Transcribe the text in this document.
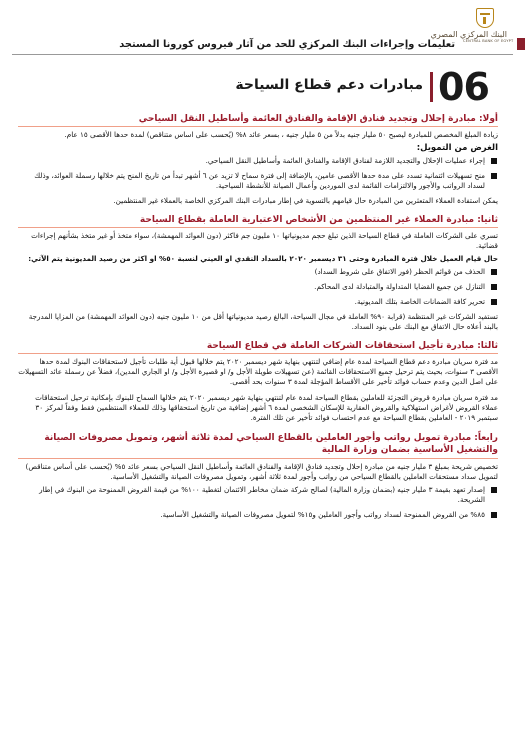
البنك المركزي المصري
CENTRAL BANK OF EGYPT
تعليمات وإجراءات البنك المركزي للحد من آثار فيروس كورونا المستجد
06
مبادرات دعم قطاع السياحة
أولا: مبادرة إحلال وتجديد فنادق الإقامة والفنادق العائمة وأساطيل النقل السياحي
زيادة المبلغ المخصص للمبادرة ليصبح ٥٠ مليار جنيه بدلاً من ٥ مليار جنيه ، بسعر عائد ٨% (يُحسب على اساس متناقص) لمدة حدها الأقصى ١٥ عام.
الغرض من التمويل:
إجراء عمليات الإحلال والتجديد اللازمة لفنادق الإقامة والفنادق العائمة وأساطيل النقل السياحي.
منح تسهيلات ائتمانية تسدد على مدة حدها الأقصى عامين، بالإضافة إلى فترة سماح لا تزيد عن ٦ أشهر تبدأ من تاريخ المنح يتم خلالها رسملة العوائد، وذلك لسداد الرواتب والأجور والالتزامات القائمة لدى الموردين وأعمال الصيانة للأنشطة السياحية.
يمكن استفادة العملاء المتعثرين من المبادرة حال قيامهم بالتسوية في إطار مبادرات البنك المركزي الخاصة بالعملاء غير المنتظمين.
ثانيا: مبادرة العملاء غير المنتظمين من الأشخاص الاعتبارية العاملة بقطاع السياحة
تسري على الشركات العاملة في قطاع السياحة الذين تبلغ حجم مديونياتها ١٠ مليون جم فاكثر (دون العوائد المهمشة)، سواء متخذ أو غير متخذ بشأنهم إجراءات قضائية.
حال قيام العميل خلال فترة المبادرة وحتى ٣١ ديسمبر ٢٠٢٠ بالسداد النقدي او العيني لنسبة ٥٠% او اكثر من رصيد المديونية يتم الآتي:
الحذف من قوائم الحظر (فور الاتفاق على شروط السداد)
التنازل عن جميع القضايا المتداولة والمتبادلة لدى المحاكم.
تحرير كافة الضمانات الخاصة بتلك المديونية.
تستفيد الشركات غير المنتظمة (قرابة ٩٠% العاملة في مجال السياحة، البالغ رصيد مديونياتها أقل من ١٠ مليون جنيه (دون العوائد المهمشة) من المزايا المدرجة بالبند أعلاه حال الاتفاق مع البنك على بنود السداد.
ثالثا: مبادرة تأجيل استحقاقات الشركات العاملة في قطاع السياحة
مد فترة سريان مبادرة دعم قطاع السياحة لمدة عام إضافي لتنتهي بنهاية شهر ديسمبر ٢٠٢٠ يتم خلالها قبول أية طلبات تأجيل لاستحقاقات البنوك لمدة حدها الأقصى ٣ سنوات، بحيث يتم ترحيل جميع الاستحقاقات القائمة (عن تسهيلات طويلة الأجل و/ او قصيرة الأجل و/ او الجاري المدين)، فضلاً عن رسملة عائد التسهيلات على اصل الدين وعدم حساب فوائد تأخير على الأقساط المؤجلة لمدة ٣ سنوات بحد أقصى.
مد فترة سريان مبادرة قروض التجزئة للعاملين بقطاع السياحة لمدة عام لتنتهي بنهاية شهر ديسمبر ٢٠٢٠ يتم خلالها السماح للبنوك بإمكانية ترحيل استحقاقات عملاء القروض لأغراض استهلاكية والقروض العقارية للإسكان الشخصي لمدة ٦ أشهر إضافية من تاريخ استحقاقها وذلك للعملاء المنتظمين فقط وفقاً لمركز ٣٠ سبتمبر ٢٠١٩ - العاملين بقطاع السياحة مع عدم احتساب فوائد تأخير عن تلك الفترة.
رابعاً: مبادرة تمويل رواتب وأجور العاملين بالقطاع السياحي لمدة ثلاثة أشهر، وتمويل مصروفات الصيانة والتشغيل الأساسية بضمان وزارة المالية
تخصيص شريحة بمبلغ ٣ مليار جنيه من مبادرة إحلال وتجديد فنادق الإقامة والفنادق العائمة وأساطيل النقل السياحي بسعر عائد ٥% (يُحسب على أساس متناقص) لتمويل سداد مستحقات العاملين بالقطاع السياحي من رواتب وأجور لمدة ثلاثة أشهر، وتمويل مصروفات الصيانة والتشغيل الأساسية.
إصدار تعهد بقيمة ٣ مليار جنيه (بضمان وزارة المالية) لصالح شركة ضمان مخاطر الائتمان لتغطية ١٠٠% من قيمة القروض الممنوحة من البنوك في إطار الشريحة.
٨٥% من القروض الممنوحة لسداد رواتب وأجور العاملين و١٥% لتمويل مصروفات الصيانة والتشغيل الأساسية.
